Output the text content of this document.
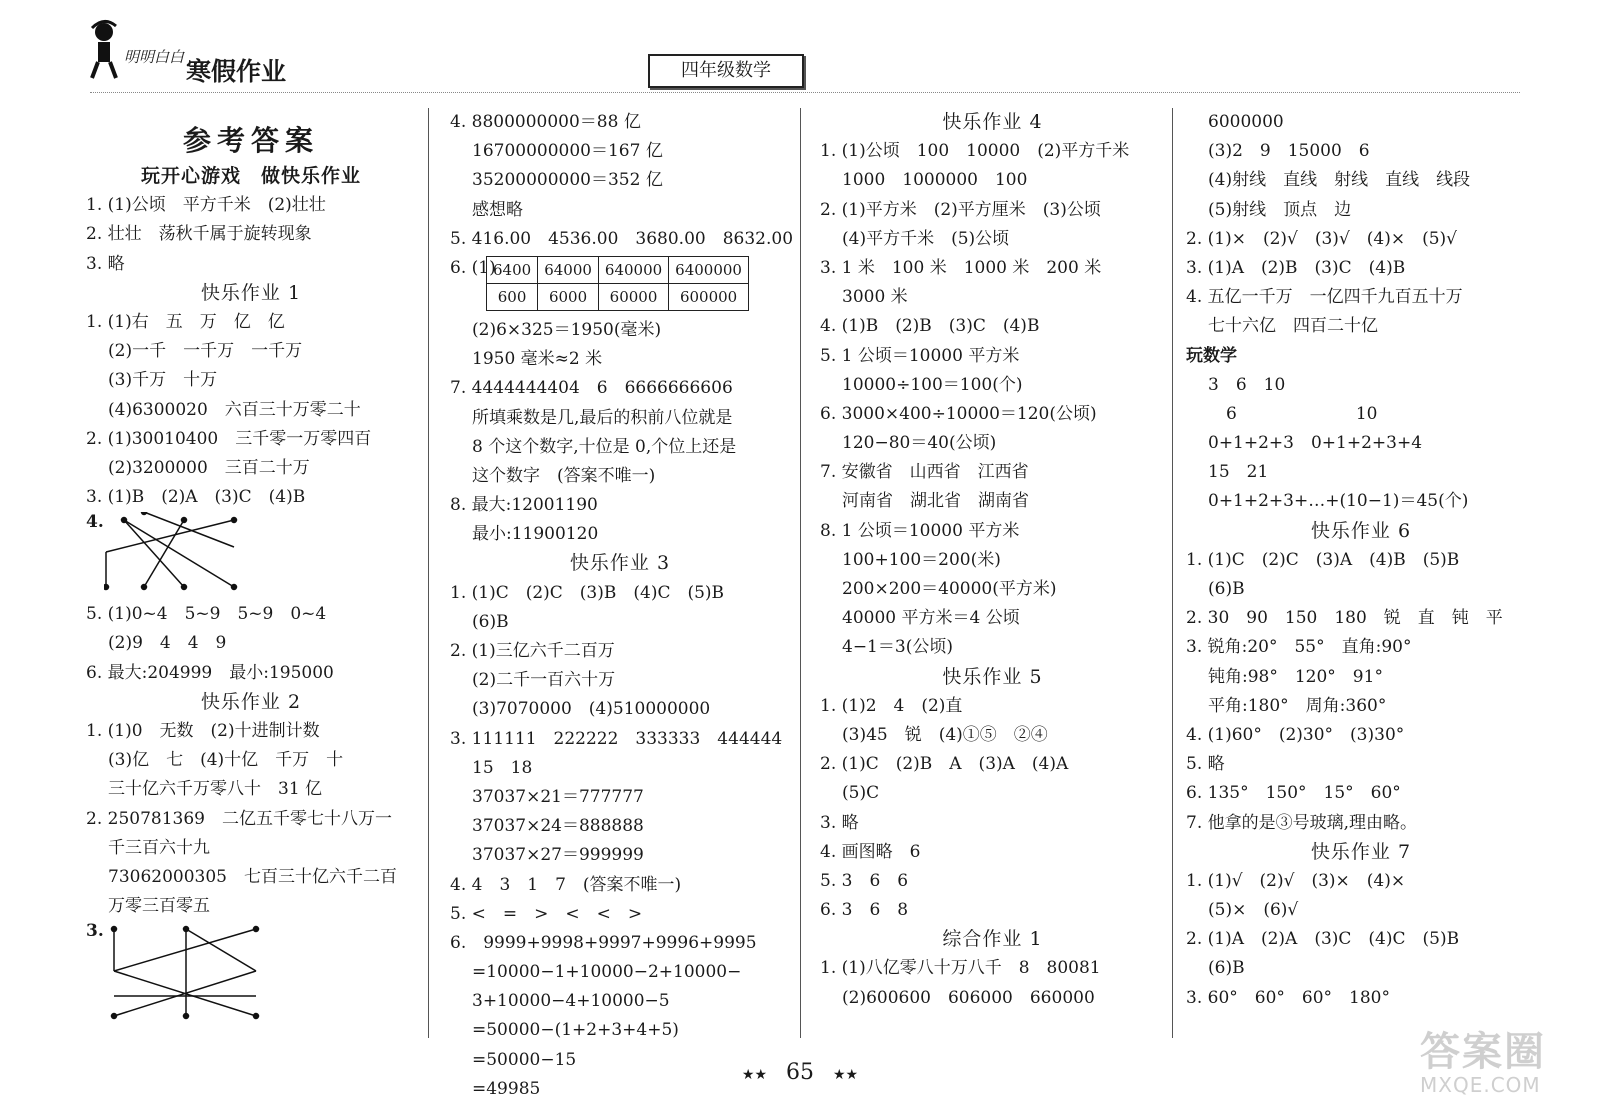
明明白白 寒假作业	四年级数学
参考答案
玩开心游戏　做快乐作业
1. (1)公顷　平方千米　(2)壮壮
2. 壮壮　荡秋千属于旋转现象
3. 略
快乐作业 1
1. (1)右　五　万　亿　亿
(2)一千　一千万　一千万
(3)千万　十万
(4)6300020　六百三十万零二十
2. (1)30010400　三千零一万零四百
(2)3200000　三百二十万
3. (1)B　(2)A　(3)C　(4)B
4.
5. (1)0~4　5~9　5~9　0~4
(2)9　4　4　9
6. 最大:204999　最小:195000
快乐作业 2
1. (1)0　无数　(2)十进制计数
(3)亿　七　(4)十亿　千万　十
三十亿六千万零八十　31 亿
2. 250781369　二亿五千零七十八万一
千三百六十九
73062000305　七百三十亿六千二百
万零三百零五
3.
4. 8800000000＝88 亿
16700000000＝167 亿
35200000000＝352 亿
感想略
5. 416.00　4536.00　3680.00　8632.00
6. (1)
6400	64000	640000	6400000
600	6000	60000	600000
(2)6×325＝1950(毫米)
1950 毫米≈2 米
7. 4444444404　6　6666666606
所填乘数是几,最后的积前八位就是
8 个这个数字,十位是 0,个位上还是
这个数字　(答案不唯一)
8. 最大:12001190
最小:11900120
快乐作业 3
1. (1)C　(2)C　(3)B　(4)C　(5)B
(6)B
2. (1)三亿六千二百万
(2)二千一百六十万
(3)7070000　(4)510000000
3. 111111　222222　333333　444444
15　18
37037×21＝777777
37037×24＝888888
37037×27＝999999
4. 4　3　1　7　(答案不唯一)
5. <　=　>　<　<　>
6.　9999+9998+9997+9996+9995
=10000−1+10000−2+10000−
3+10000−4+10000−5
=50000−(1+2+3+4+5)
=50000−15
=49985
快乐作业 4
1. (1)公顷　100　10000　(2)平方千米
1000　1000000　100
2. (1)平方米　(2)平方厘米　(3)公顷
(4)平方千米　(5)公顷
3. 1 米　100 米　1000 米　200 米
3000 米
4. (1)B　(2)B　(3)C　(4)B
5. 1 公顷＝10000 平方米
10000÷100＝100(个)
6. 3000×400÷10000＝120(公顷)
120−80＝40(公顷)
7. 安徽省　山西省　江西省
河南省　湖北省　湖南省
8. 1 公顷＝10000 平方米
100+100＝200(米)
200×200＝40000(平方米)
40000 平方米＝4 公顷
4−1＝3(公顷)
快乐作业 5
1. (1)2　4　(2)直
(3)45　锐　(4)①⑤　②④
2. (1)C　(2)B　A　(3)A　(4)A
(5)C
3. 略
4. 画图略　6
5. 3　6　6
6. 3　6　8
综合作业 1
1. (1)八亿零八十万八千　8　80081
(2)600600　606000　660000
6000000
(3)2　9　15000　6
(4)射线　直线　射线　直线　线段
(5)射线　顶点　边
2. (1)×　(2)√　(3)√　(4)×　(5)√
3. (1)A　(2)B　(3)C　(4)B
4. 五亿一千万　一亿四千九百五十万
七十六亿　四百二十亿
玩数学
3　6　10
6　　　　　　　10
0+1+2+3　0+1+2+3+4
15　21
0+1+2+3+…+(10−1)＝45(个)
快乐作业 6
1. (1)C　(2)C　(3)A　(4)B　(5)B
(6)B
2. 30　90　150　180　锐　直　钝　平
3. 锐角:20°　55°　直角:90°
钝角:98°　120°　91°
平角:180°　周角:360°
4. (1)60°　(2)30°　(3)30°
5. 略
6. 135°　150°　15°　60°
7. 他拿的是③号玻璃,理由略。
快乐作业 7
1. (1)√　(2)√　(3)×　(4)×
(5)×　(6)√
2. (1)A　(2)A　(3)C　(4)C　(5)B
(6)B
3. 60°　60°　60°　180°
★★ 65 ★★	答案圈
MXQE.COM
